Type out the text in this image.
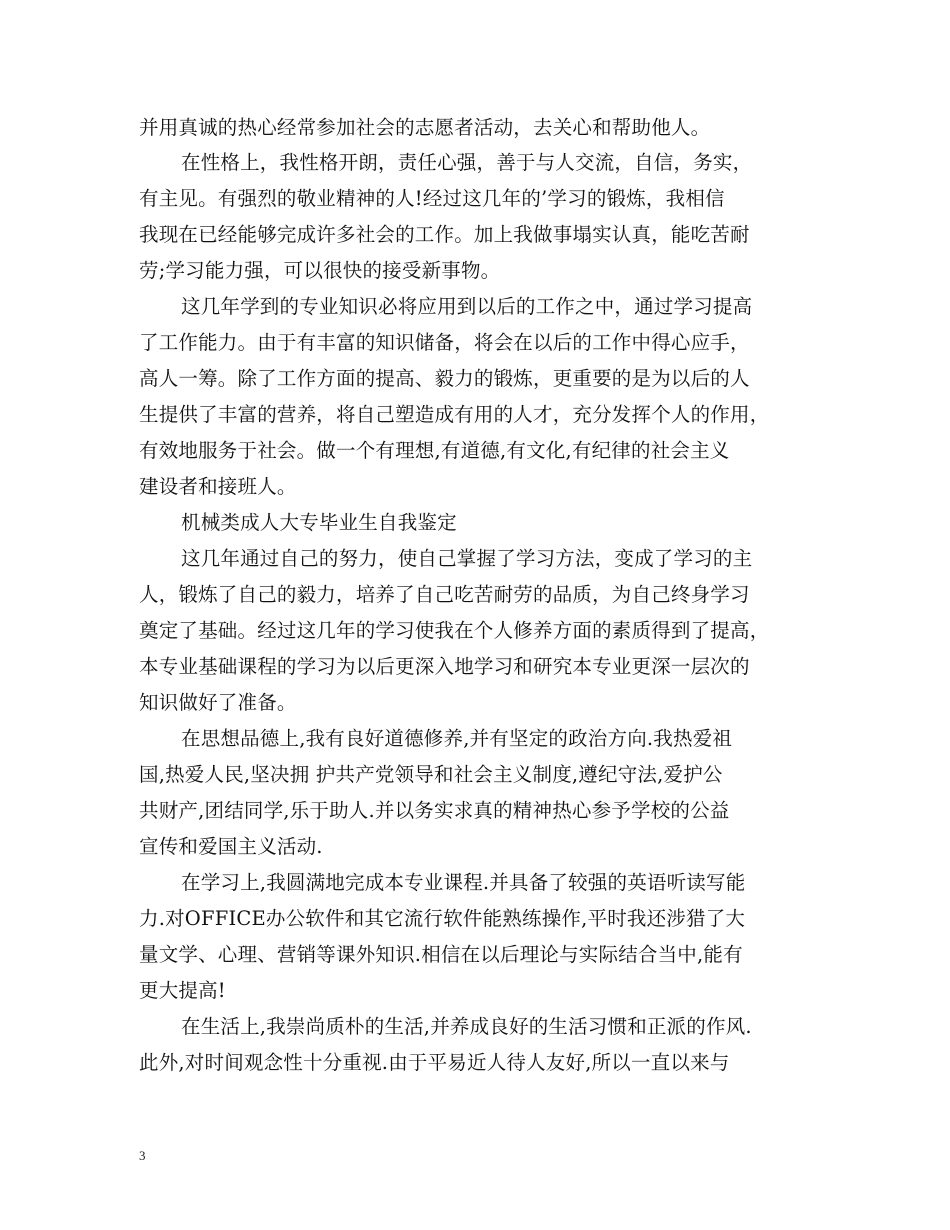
并用真诚的热心经常参加社会的志愿者活动，去关心和帮助他人。
在性格上，我性格开朗，责任心强，善于与人交流，自信，务实，
有主见。有强烈的敬业精神的人!经过这几年的’学习的锻炼，我相信
我现在已经能够完成许多社会的工作。加上我做事塌实认真，能吃苦耐
劳;学习能力强，可以很快的接受新事物。
这几年学到的专业知识必将应用到以后的工作之中，通过学习提高
了工作能力。由于有丰富的知识储备，将会在以后的工作中得心应手，
高人一筹。除了工作方面的提高、毅力的锻炼，更重要的是为以后的人
生提供了丰富的营养，将自己塑造成有用的人才，充分发挥个人的作用，
有效地服务于社会。做一个有理想,有道德,有文化,有纪律的社会主义
建设者和接班人。
机械类成人大专毕业生自我鉴定
这几年通过自己的努力，使自己掌握了学习方法，变成了学习的主
人，锻炼了自己的毅力，培养了自己吃苦耐劳的品质，为自己终身学习
奠定了基础。经过这几年的学习使我在个人修养方面的素质得到了提高，
本专业基础课程的学习为以后更深入地学习和研究本专业更深一层次的
知识做好了准备。
在思想品德上,我有良好道德修养,并有坚定的政治方向.我热爱祖
国,热爱人民,坚决拥 护共产党领导和社会主义制度,遵纪守法,爱护公
共财产,团结同学,乐于助人.并以务实求真的精神热心参予学校的公益
宣传和爱国主义活动.
在学习上,我圆满地完成本专业课程.并具备了较强的英语听读写能
力.对OFFICE办公软件和其它流行软件能熟练操作,平时我还涉猎了大
量文学、心理、营销等课外知识.相信在以后理论与实际结合当中,能有
更大提高!
在生活上,我崇尚质朴的生活,并养成良好的生活习惯和正派的作风.
此外,对时间观念性十分重视.由于平易近人待人友好,所以一直以来与
3
